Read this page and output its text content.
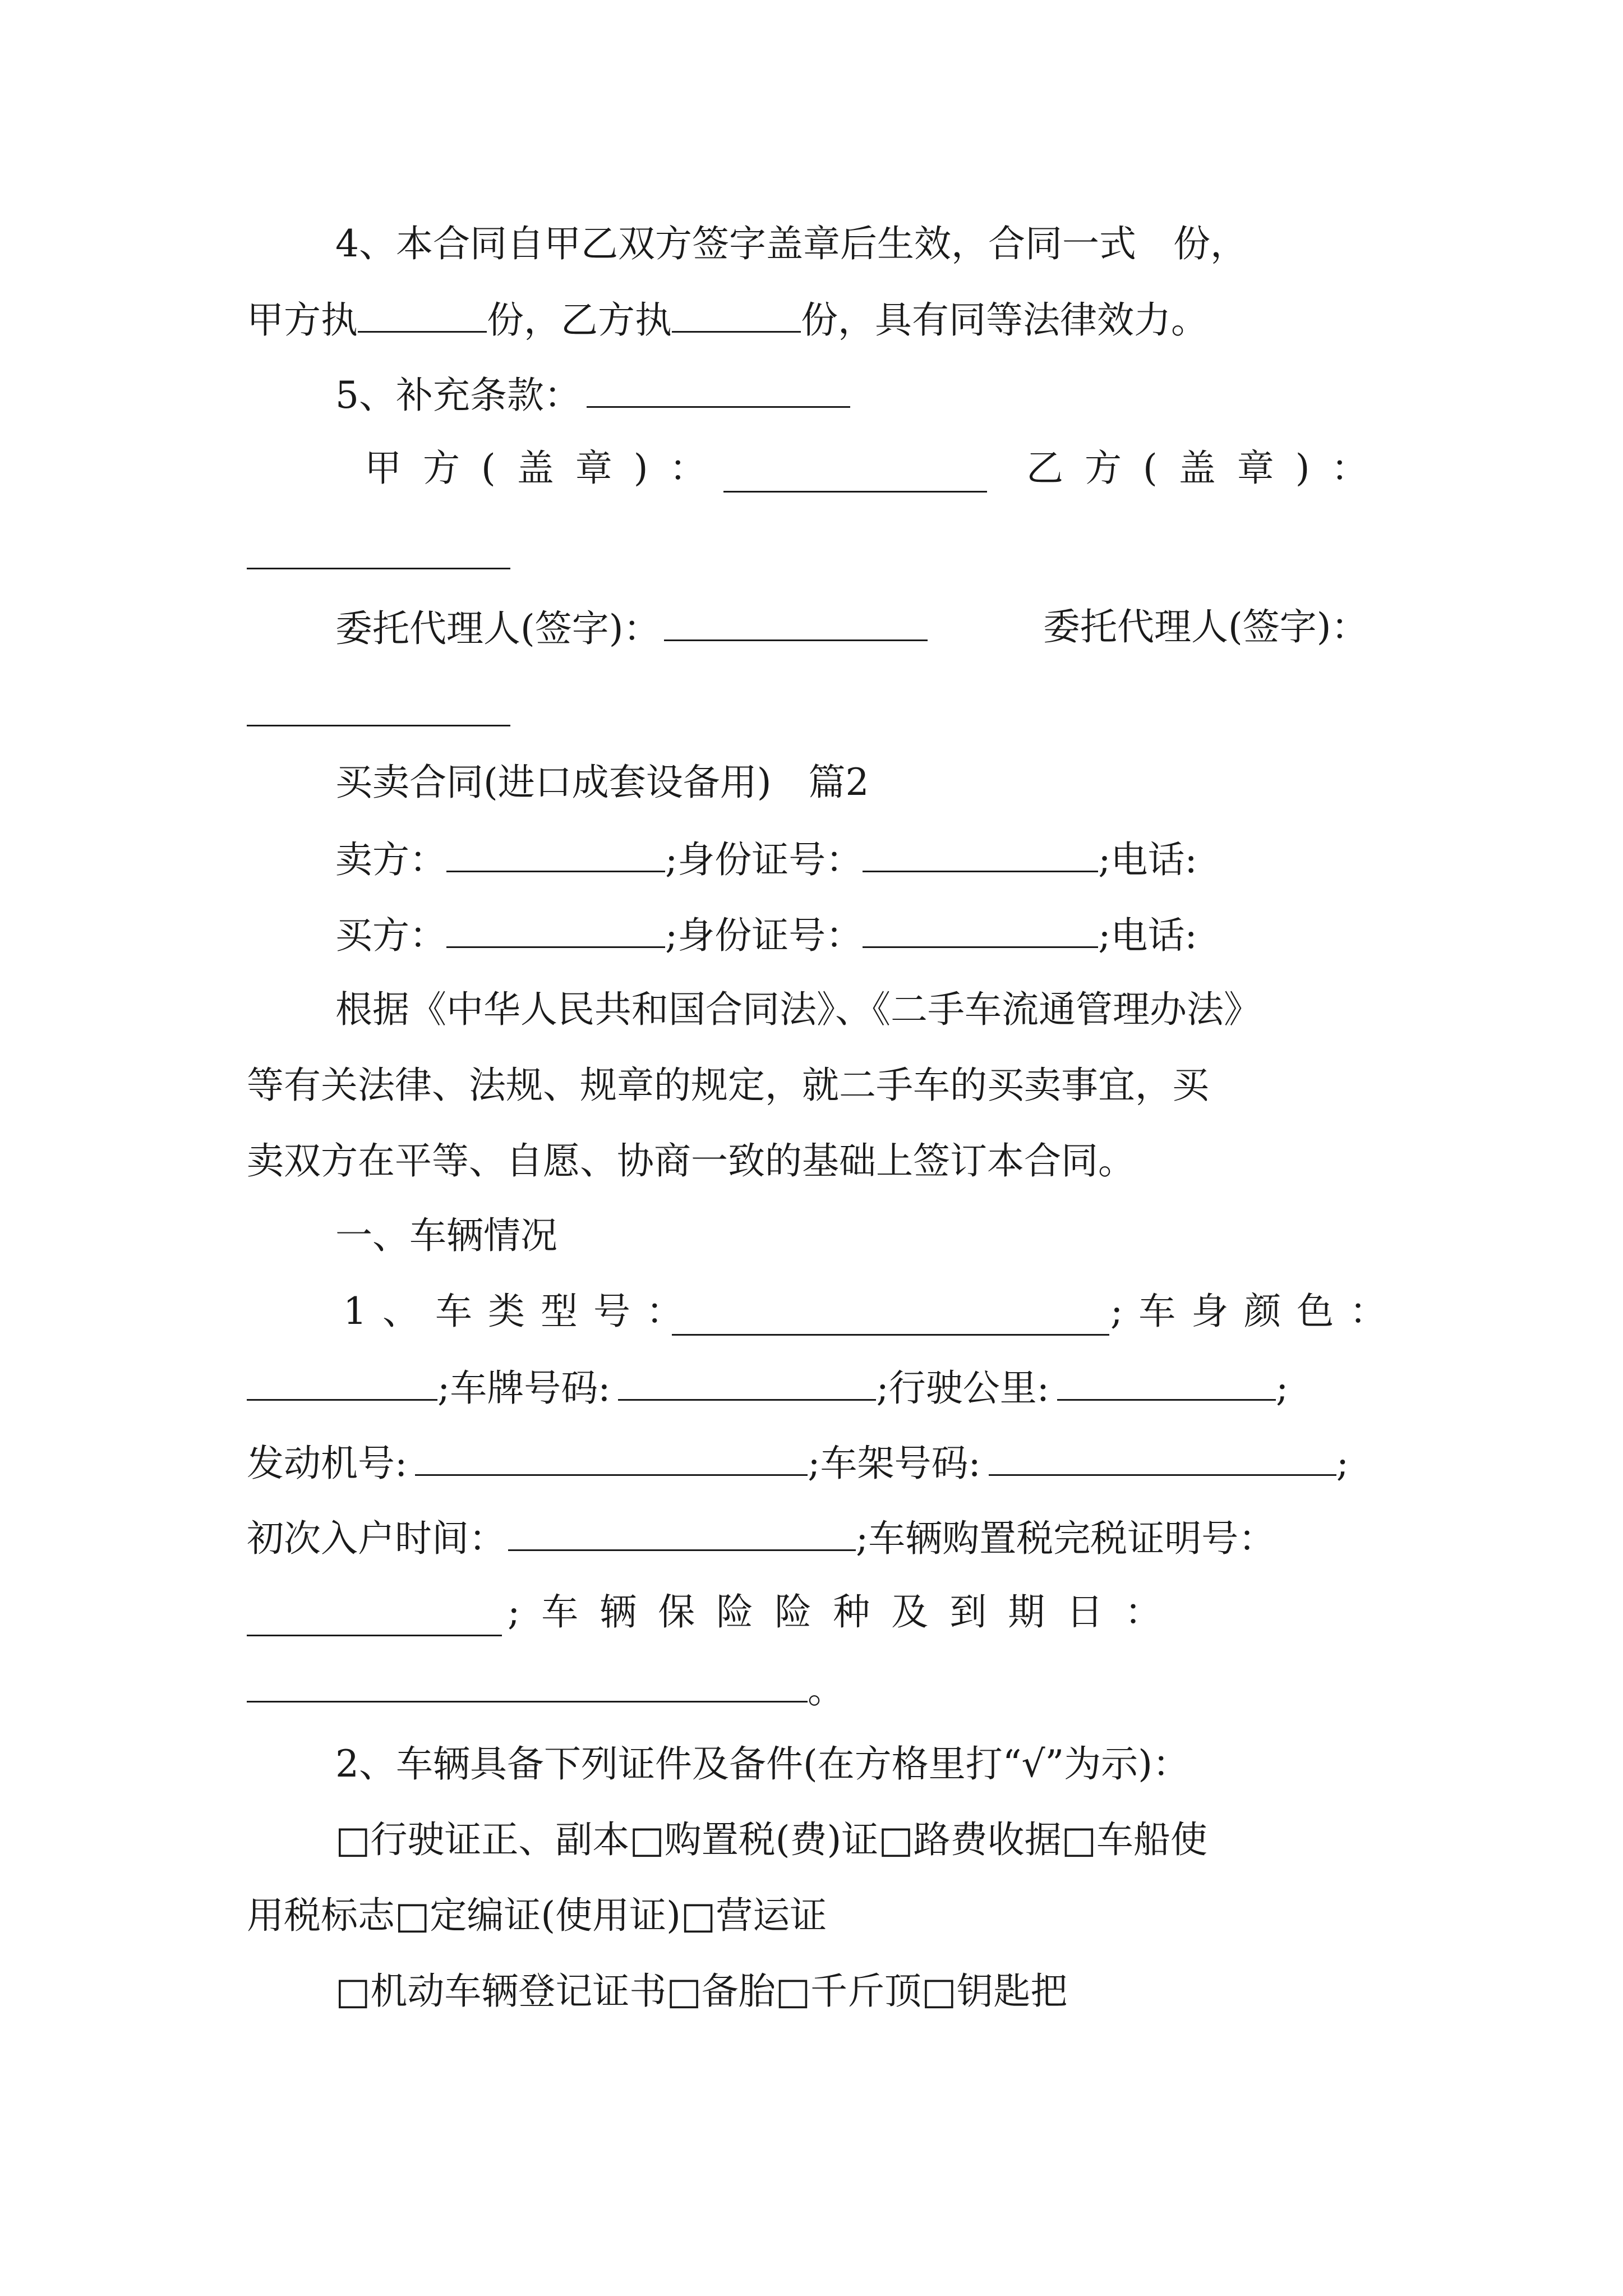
4、本合同自甲乙双方签字盖章后生效，合同一式　份，
甲方执	份，乙方执	份，具有同等法律效力。
5、补充条款：
甲方(盖章)：	乙方(盖章)：
委托代理人(签字)：	委托代理人(签字)：
买卖合同(进口成套设备用)　篇2
卖方：	;身份证号：	;电话:
买方：	;身份证号：	;电话:
根据《中华人民共和国合同法》、《二手车流通管理办法》
等有关法律、法规、规章的规定，就二手车的买卖事宜，买
卖双方在平等、自愿、协商一致的基础上签订本合同。
一、车辆情况
1、车类型号：	;车身颜色：
;车牌号码:	;行驶公里:	;
发动机号:	;车架号码:	;
初次入户时间：	;车辆购置税完税证明号：
;车辆保险险种及到期日：
。
2、车辆具备下列证件及备件(在方格里打“√”为示)：
□行驶证正、副本□购置税(费)证□路费收据□车船使
用税标志□定编证(使用证)□营运证
□机动车辆登记证书□备胎□千斤顶□钥匙把
